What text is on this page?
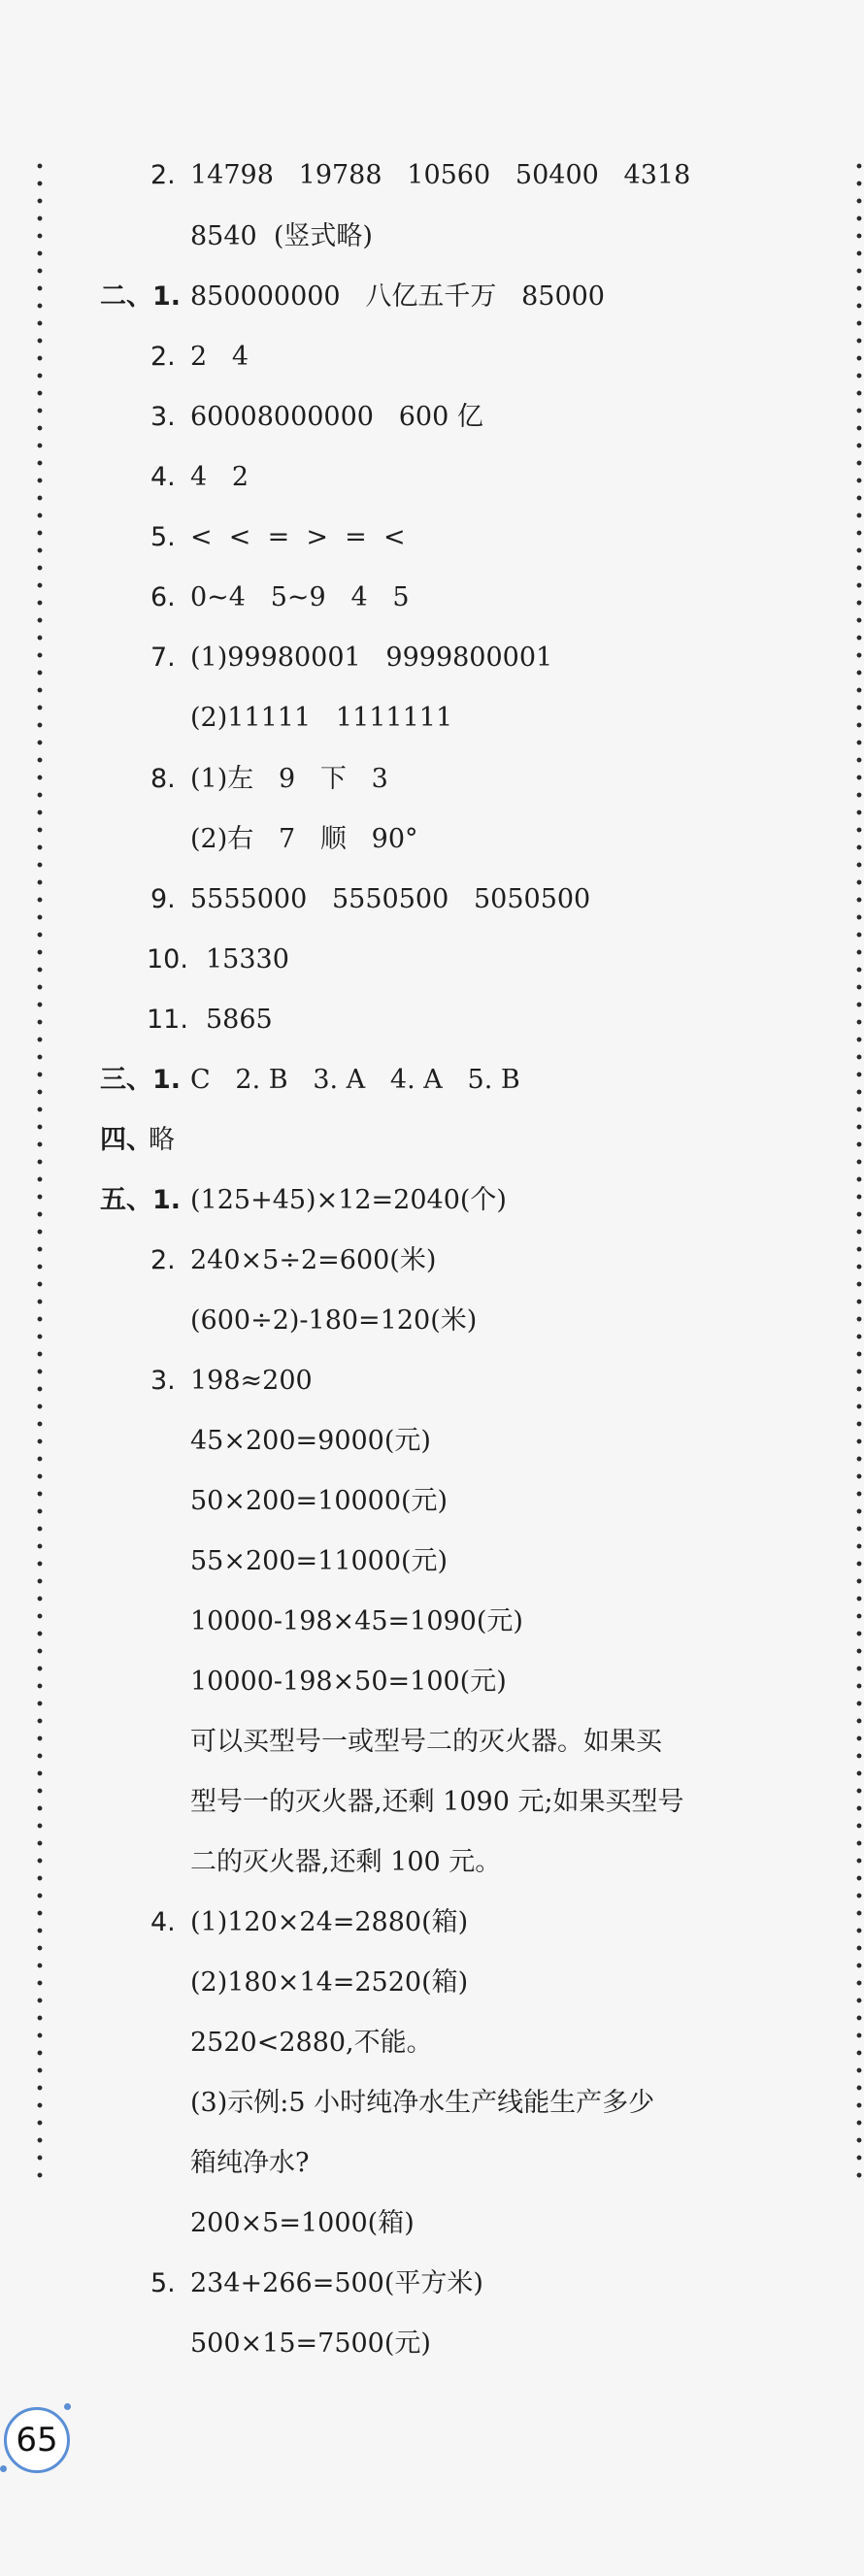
2. 14798   19788   10560   50400   4318
8540  (竖式略)
二、1. 850000000   八亿五千万   85000
2. 2   4
3. 60008000000   600 亿
4. 4   2
5. <  <  =  >  =  <
6. 0~4   5~9   4   5
7. (1)99980001   9999800001
(2)11111   1111111
8. (1)左   9   下   3
(2)右   7   顺   90°
9. 5555000   5550500   5050500
10. 15330
11. 5865
三、1. C   2. B   3. A   4. A   5. B
四、
略
五、1. (125+45)×12=2040(个)
2. 240×5÷2=600(米)
(600÷2)-180=120(米)
3. 198≈200
45×200=9000(元)
50×200=10000(元)
55×200=11000(元)
10000-198×45=1090(元)
10000-198×50=100(元)
可以买型号一或型号二的灭火器。如果买
型号一的灭火器,还剩 1090 元;如果买型号
二的灭火器,还剩 100 元。
4. (1)120×24=2880(箱)
(2)180×14=2520(箱)
2520<2880,不能。
(3)示例:5 小时纯净水生产线能生产多少
箱纯净水?
200×5=1000(箱)
5. 234+266=500(平方米)
500×15=7500(元)
65
